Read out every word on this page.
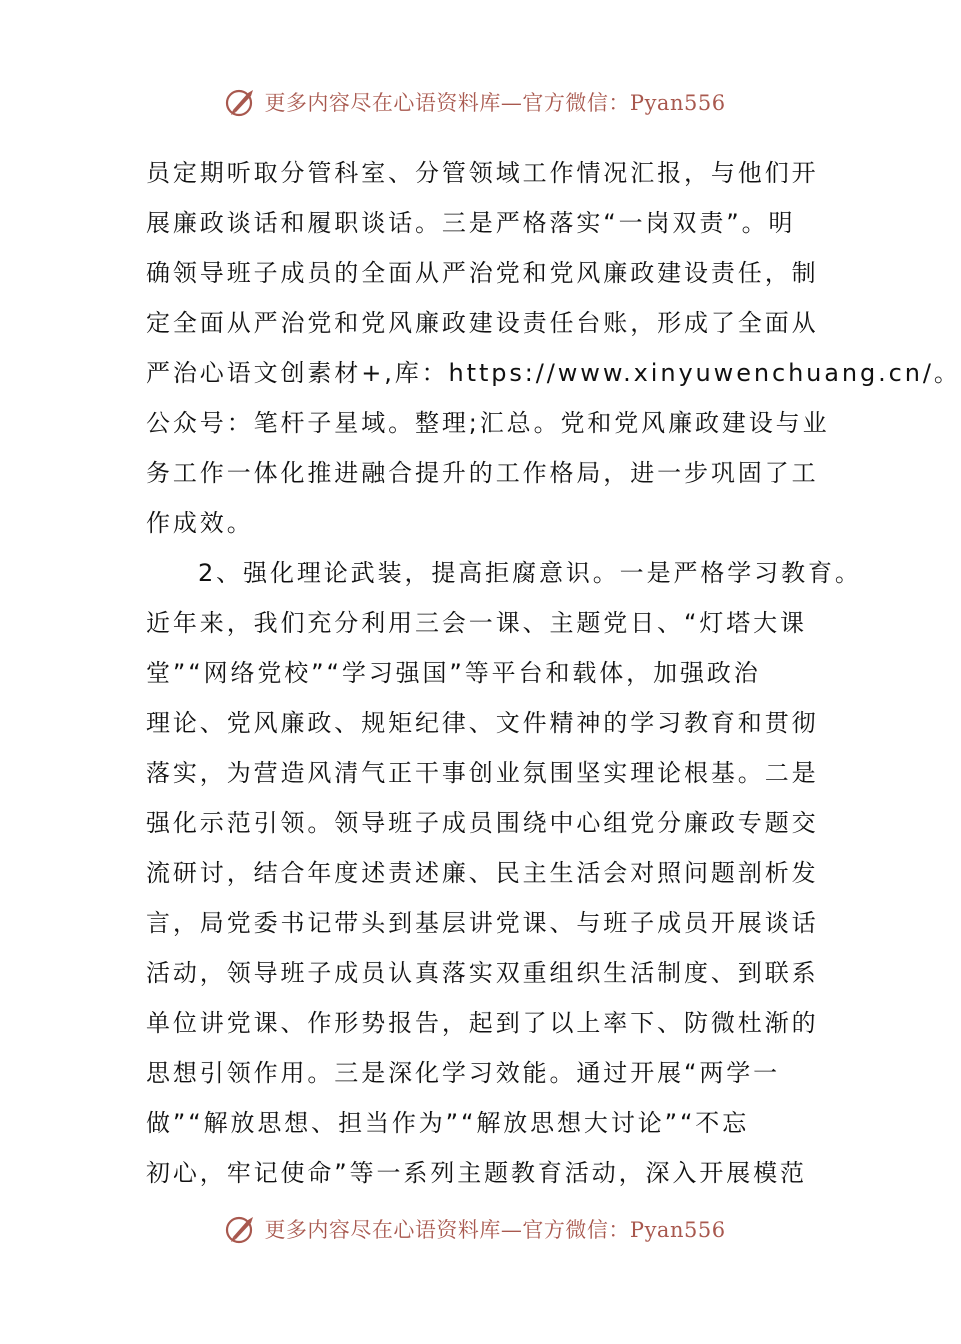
更多内容尽在心语资料库—官方微信：Pyan556
员定期听取分管科室、分管领域工作情况汇报，与他们开
展廉政谈话和履职谈话。三是严格落实“一岗双责”。明
确领导班子成员的全面从严治党和党风廉政建设责任，制
定全面从严治党和党风廉政建设责任台账，形成了全面从
严治心语文创素材+,库：https://www.xinyuwenchuang.cn/。
公众号：笔杆子星域。整理;汇总。党和党风廉政建设与业
务工作一体化推进融合提升的工作格局，进一步巩固了工
作成效。
2、强化理论武装，提高拒腐意识。一是严格学习教育。
近年来，我们充分利用三会一课、主题党日、“灯塔大课
堂”“网络党校”“学习强国”等平台和载体，加强政治
理论、党风廉政、规矩纪律、文件精神的学习教育和贯彻
落实，为营造风清气正干事创业氛围坚实理论根基。二是
强化示范引领。领导班子成员围绕中心组党分廉政专题交
流研讨，结合年度述责述廉、民主生活会对照问题剖析发
言，局党委书记带头到基层讲党课、与班子成员开展谈话
活动，领导班子成员认真落实双重组织生活制度、到联系
单位讲党课、作形势报告，起到了以上率下、防微杜渐的
思想引领作用。三是深化学习效能。通过开展“两学一
做”“解放思想、担当作为”“解放思想大讨论”“不忘
初心，牢记使命”等一系列主题教育活动，深入开展模范
更多内容尽在心语资料库—官方微信：Pyan556
